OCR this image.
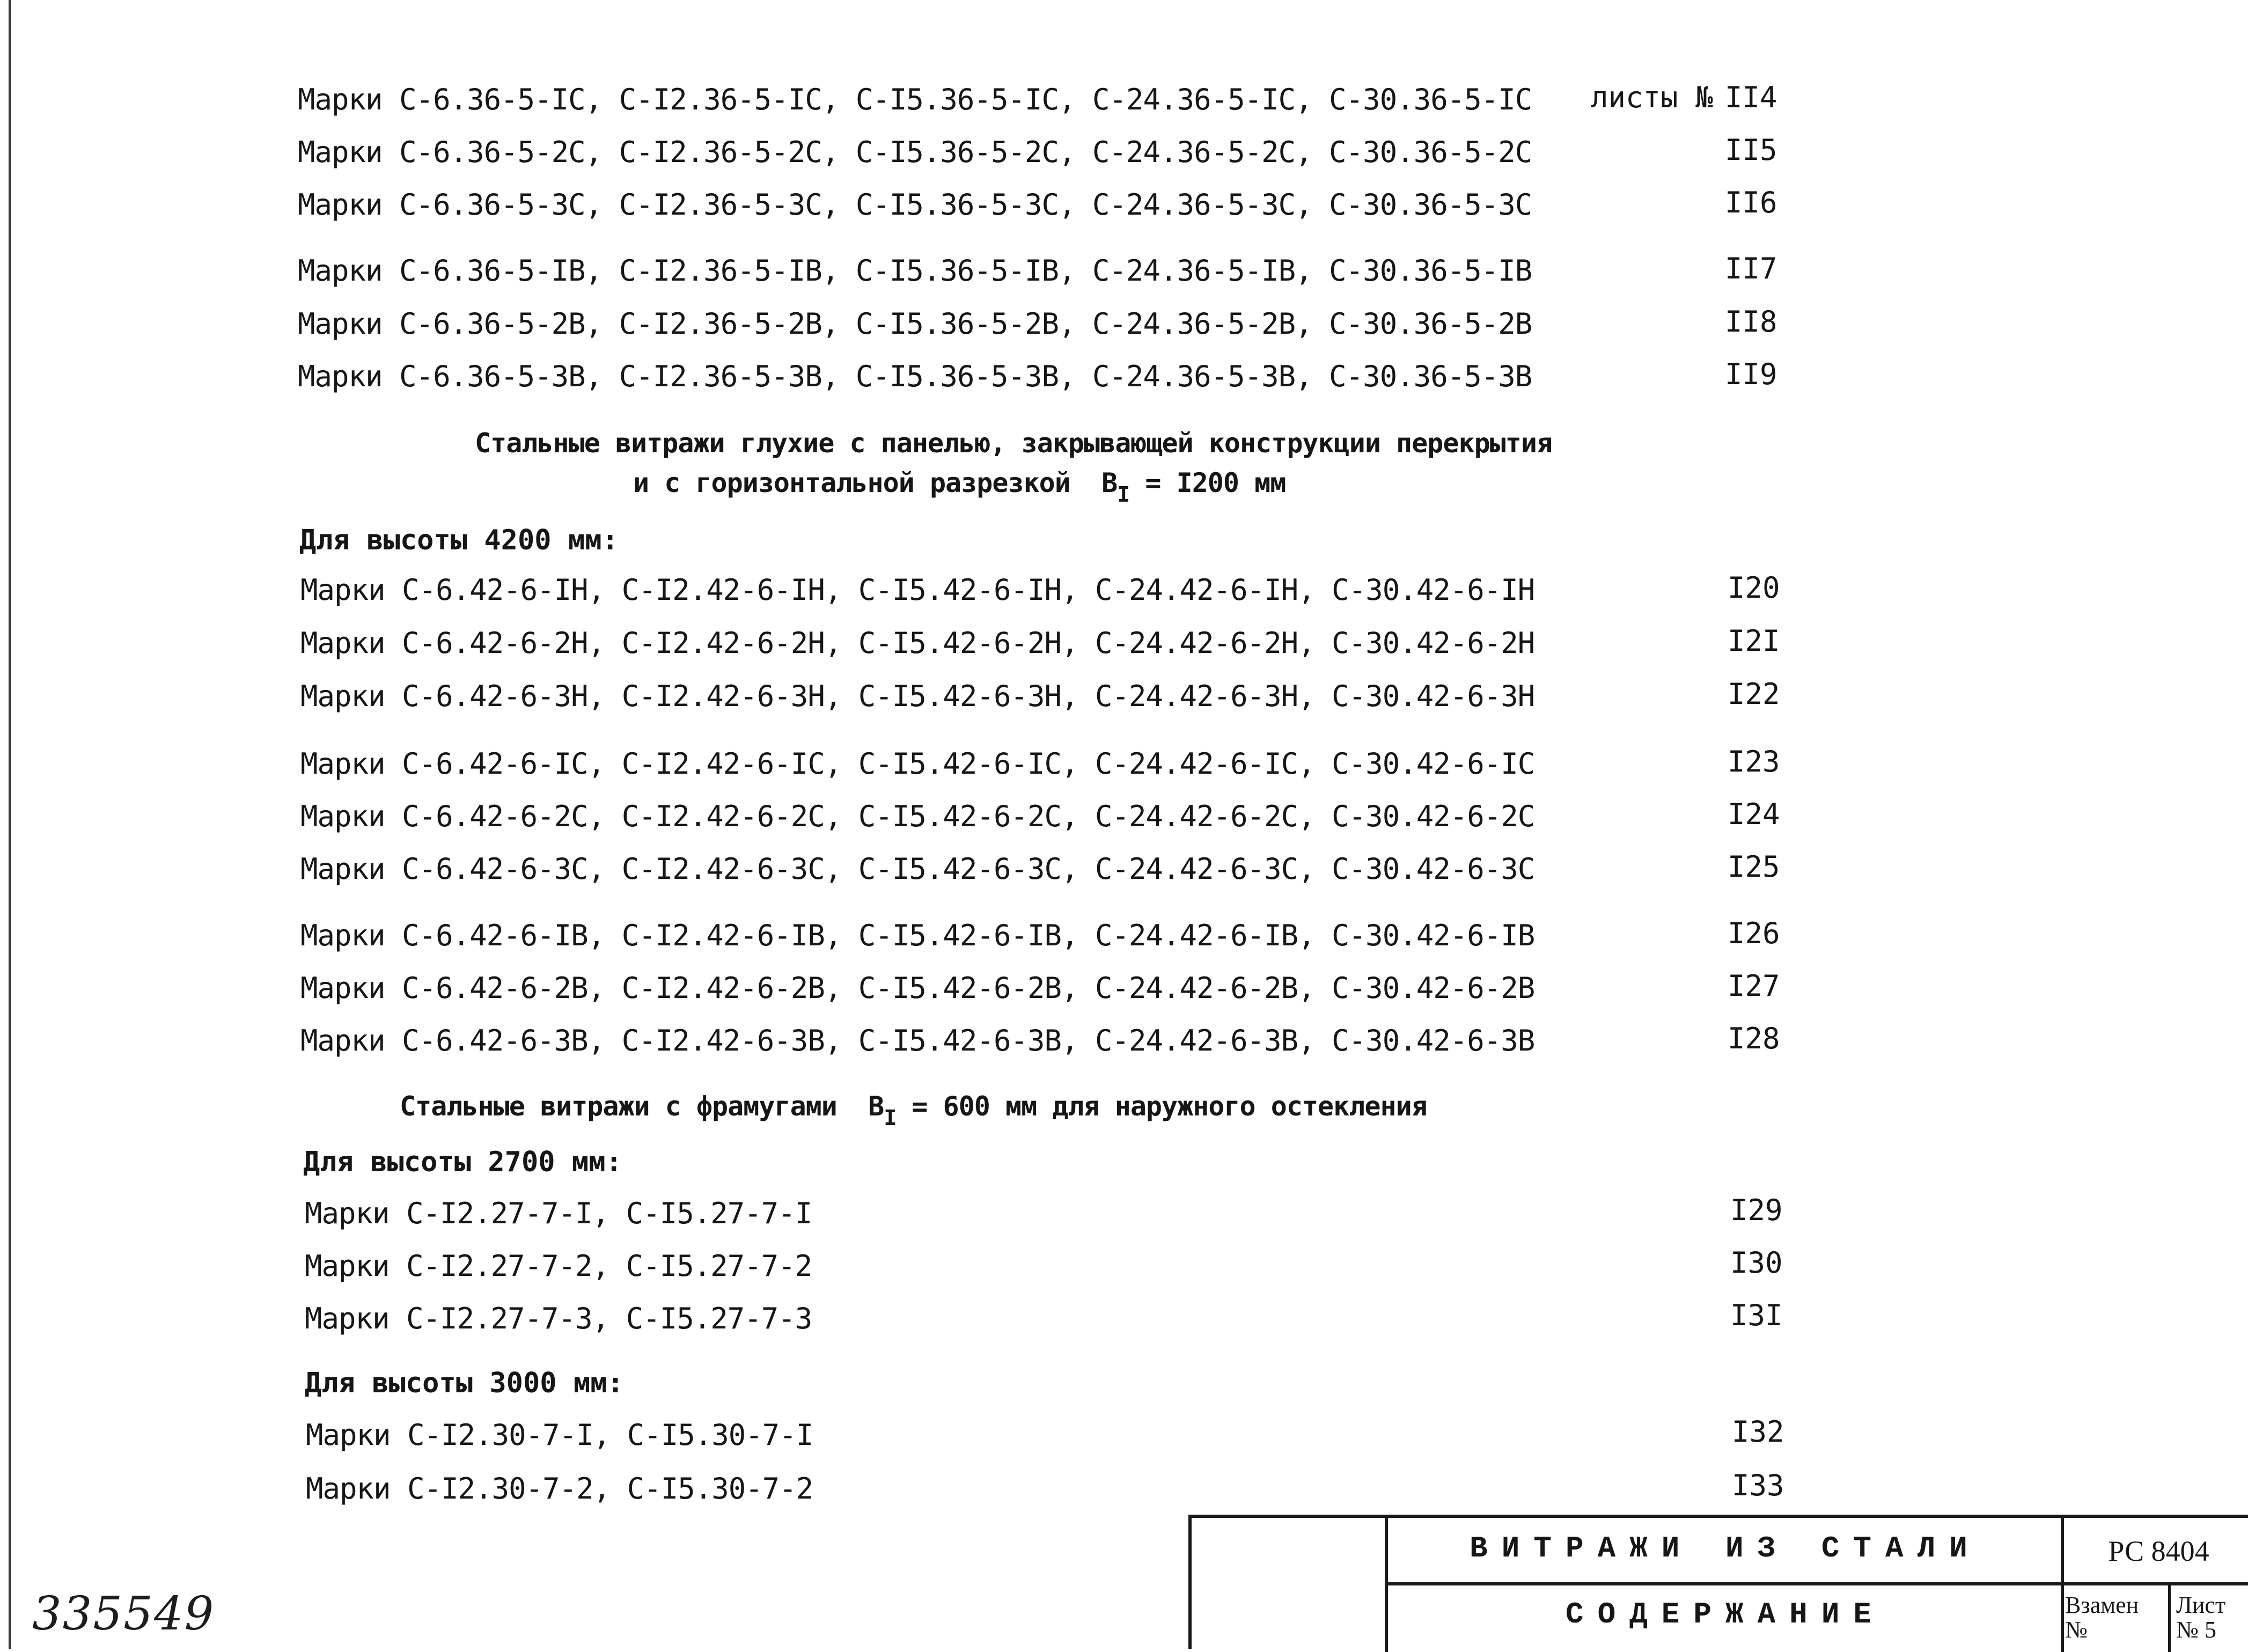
листы №
Марки С-6.36-5-IС, С-I2.36-5-IС, С-I5.36-5-IС, С-24.36-5-IС, С-30.36-5-IС	II4
Марки С-6.36-5-2С, С-I2.36-5-2С, С-I5.36-5-2С, С-24.36-5-2С, С-30.36-5-2С	II5
Марки С-6.36-5-3С, С-I2.36-5-3С, С-I5.36-5-3С, С-24.36-5-3С, С-30.36-5-3С	II6
Марки С-6.36-5-IВ, С-I2.36-5-IВ, С-I5.36-5-IВ, С-24.36-5-IВ, С-30.36-5-IВ	II7
Марки С-6.36-5-2В, С-I2.36-5-2В, С-I5.36-5-2В, С-24.36-5-2В, С-30.36-5-2В	II8
Марки С-6.36-5-3В, С-I2.36-5-3В, С-I5.36-5-3В, С-24.36-5-3В, С-30.36-5-3В	II9
Стальные витражи глухие с панелью, закрывающей конструкции перекрытия
и с горизонтальной разрезкой  $В_I = I200$ мм
Для высоты 4200 мм:
Марки С-6.42-6-IН, С-I2.42-6-IН, С-I5.42-6-IН, С-24.42-6-IН, С-30.42-6-IН	I20
Марки С-6.42-6-2Н, С-I2.42-6-2Н, С-I5.42-6-2Н, С-24.42-6-2Н, С-30.42-6-2Н	I2I
Марки С-6.42-6-3Н, С-I2.42-6-3Н, С-I5.42-6-3Н, С-24.42-6-3Н, С-30.42-6-3Н	I22
Марки С-6.42-6-IС, С-I2.42-6-IС, С-I5.42-6-IС, С-24.42-6-IС, С-30.42-6-IС	I23
Марки С-6.42-6-2С, С-I2.42-6-2С, С-I5.42-6-2С, С-24.42-6-2С, С-30.42-6-2С	I24
Марки С-6.42-6-3С, С-I2.42-6-3С, С-I5.42-6-3С, С-24.42-6-3С, С-30.42-6-3С	I25
Марки С-6.42-6-IВ, С-I2.42-6-IВ, С-I5.42-6-IВ, С-24.42-6-IВ, С-30.42-6-IВ	I26
Марки С-6.42-6-2В, С-I2.42-6-2В, С-I5.42-6-2В, С-24.42-6-2В, С-30.42-6-2В	I27
Марки С-6.42-6-3В, С-I2.42-6-3В, С-I5.42-6-3В, С-24.42-6-3В, С-30.42-6-3В	I28
Стальные витражи с фрамугами  $В_I = 600$ мм для наружного остекления
Для высоты 2700 мм:
Марки С-I2.27-7-I, С-I5.27-7-I	I29
Марки С-I2.27-7-2, С-I5.27-7-2	I30
Марки С-I2.27-7-3, С-I5.27-7-3	I3I
Для высоты 3000 мм:
Марки С-I2.30-7-I, С-I5.30-7-I	I32
Марки С-I2.30-7-2, С-I5.30-7-2	I33
ВИТРАЖИ ИЗ СТАЛИ
СОДЕРЖАНИЕ
РС 8404
Взамен
№
Лист
№ 5
335549
